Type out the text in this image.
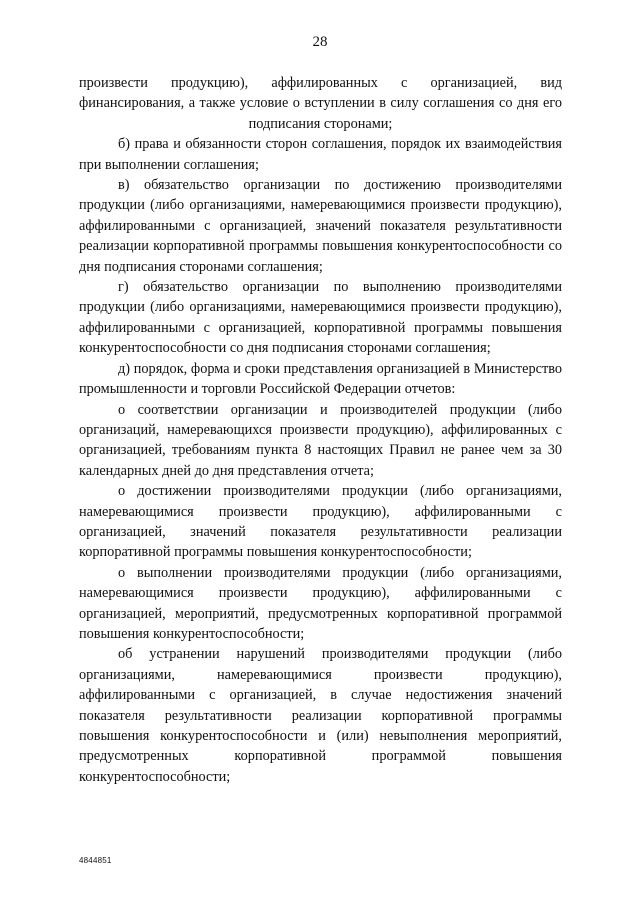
28

произвести продукцию), аффилированных с организацией, вид финансирования, а также условие о вступлении в силу соглашения со дня его подписания сторонами;

б) права и обязанности сторон соглашения, порядок их взаимодействия при выполнении соглашения;

в) обязательство организации по достижению производителями продукции (либо организациями, намеревающимися произвести продукцию), аффилированными с организацией, значений показателя результативности реализации корпоративной программы повышения конкурентоспособности со дня подписания сторонами соглашения;

г) обязательство организации по выполнению производителями продукции (либо организациями, намеревающимися произвести продукцию), аффилированными с организацией, корпоративной программы повышения конкурентоспособности со дня подписания сторонами соглашения;

д) порядок, форма и сроки представления организацией в Министерство промышленности и торговли Российской Федерации отчетов:

о соответствии организации и производителей продукции (либо организаций, намеревающихся произвести продукцию), аффилированных с организацией, требованиям пункта 8 настоящих Правил не ранее чем за 30 календарных дней до дня представления отчета;

о достижении производителями продукции (либо организациями, намеревающимися произвести продукцию), аффилированными с организацией, значений показателя результативности реализации корпоративной программы повышения конкурентоспособности;

о выполнении производителями продукции (либо организациями, намеревающимися произвести продукцию), аффилированными с организацией, мероприятий, предусмотренных корпоративной программой повышения конкурентоспособности;

об устранении нарушений производителями продукции (либо организациями, намеревающимися произвести продукцию), аффилированными с организацией, в случае недостижения значений показателя результативности реализации корпоративной программы повышения конкурентоспособности и (или) невыполнения мероприятий, предусмотренных корпоративной программой повышения конкурентоспособности;

4844851
